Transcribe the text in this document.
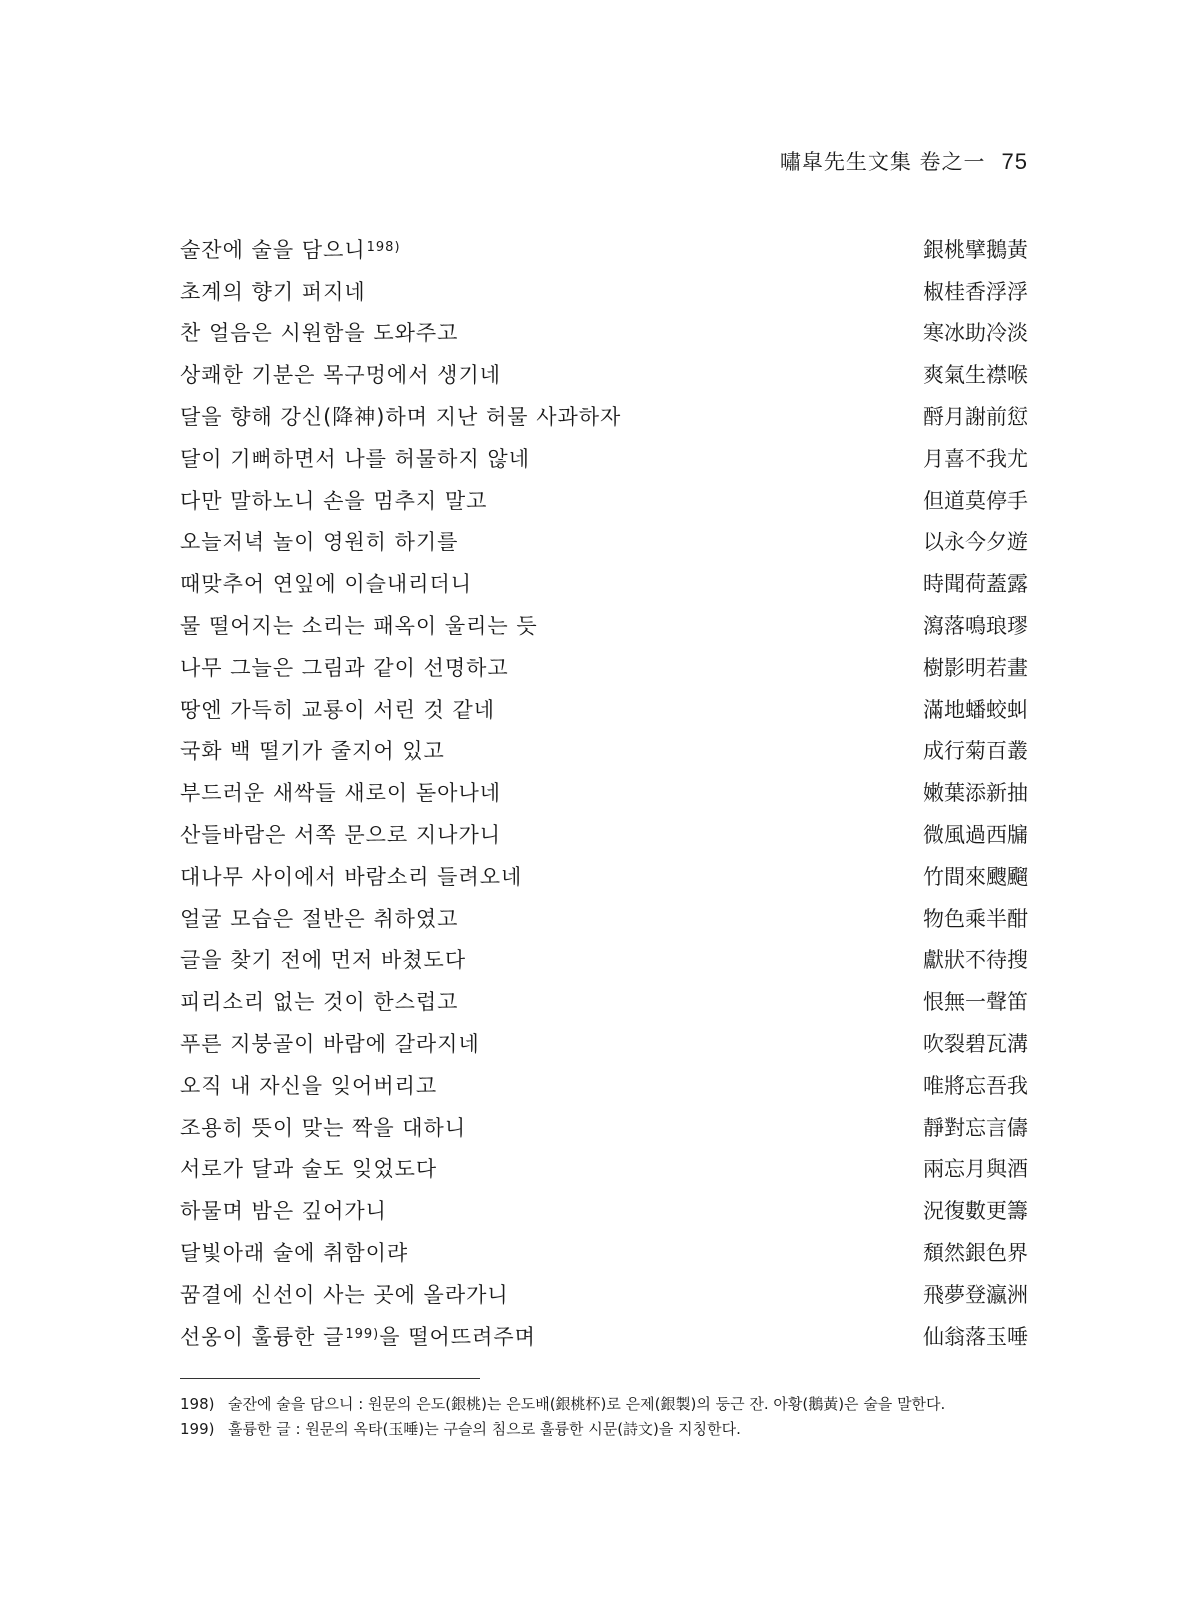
嘯皐先生文集 卷之一 75
술잔에 술을 담으니$^{198)}$	銀桃擘鵝黃
초계의 향기 퍼지네	椒桂香浮浮
찬 얼음은 시원함을 도와주고	寒冰助冷淡
상쾌한 기분은 목구멍에서 생기네	爽氣生襟喉
달을 향해 강신(降神)하며 지난 허물 사과하자	酹月謝前愆
달이 기뻐하면서 나를 허물하지 않네	月喜不我尤
다만 말하노니 손을 멈추지 말고	但道莫停手
오늘저녁 놀이 영원히 하기를	以永今夕遊
때맞추어 연잎에 이슬내리더니	時聞荷蓋露
물 떨어지는 소리는 패옥이 울리는 듯	瀉落鳴琅璆
나무 그늘은 그림과 같이 선명하고	樹影明若畫
땅엔 가득히 교룡이 서린 것 같네	滿地蟠蛟虯
국화 백 떨기가 줄지어 있고	成行菊百叢
부드러운 새싹들 새로이 돋아나네	嫩葉添新抽
산들바람은 서쪽 문으로 지나가니	微風過西牖
대나무 사이에서 바람소리 들려오네	竹間來颼飀
얼굴 모습은 절반은 취하였고	物色乘半酣
글을 찾기 전에 먼저 바쳤도다	獻狀不待搜
피리소리 없는 것이 한스럽고	恨無一聲笛
푸른 지붕골이 바람에 갈라지네	吹裂碧瓦溝
오직 내 자신을 잊어버리고	唯將忘吾我
조용히 뜻이 맞는 짝을 대하니	靜對忘言儔
서로가 달과 술도 잊었도다	兩忘月與酒
하물며 밤은 깊어가니	況復數更籌
달빛아래 술에 취함이랴	頹然銀色界
꿈결에 신선이 사는 곳에 올라가니	飛夢登瀛洲
선옹이 훌륭한 글$^{199)}$을 떨어뜨려주며	仙翁落玉唾
198) 술잔에 술을 담으니 : 원문의 은도(銀桃)는 은도배(銀桃杯)로 은제(銀製)의 둥근 잔. 아황(鵝黃)은 술을 말한다.
199) 훌륭한 글 : 원문의 옥타(玉唾)는 구슬의 침으로 훌륭한 시문(詩文)을 지칭한다.
